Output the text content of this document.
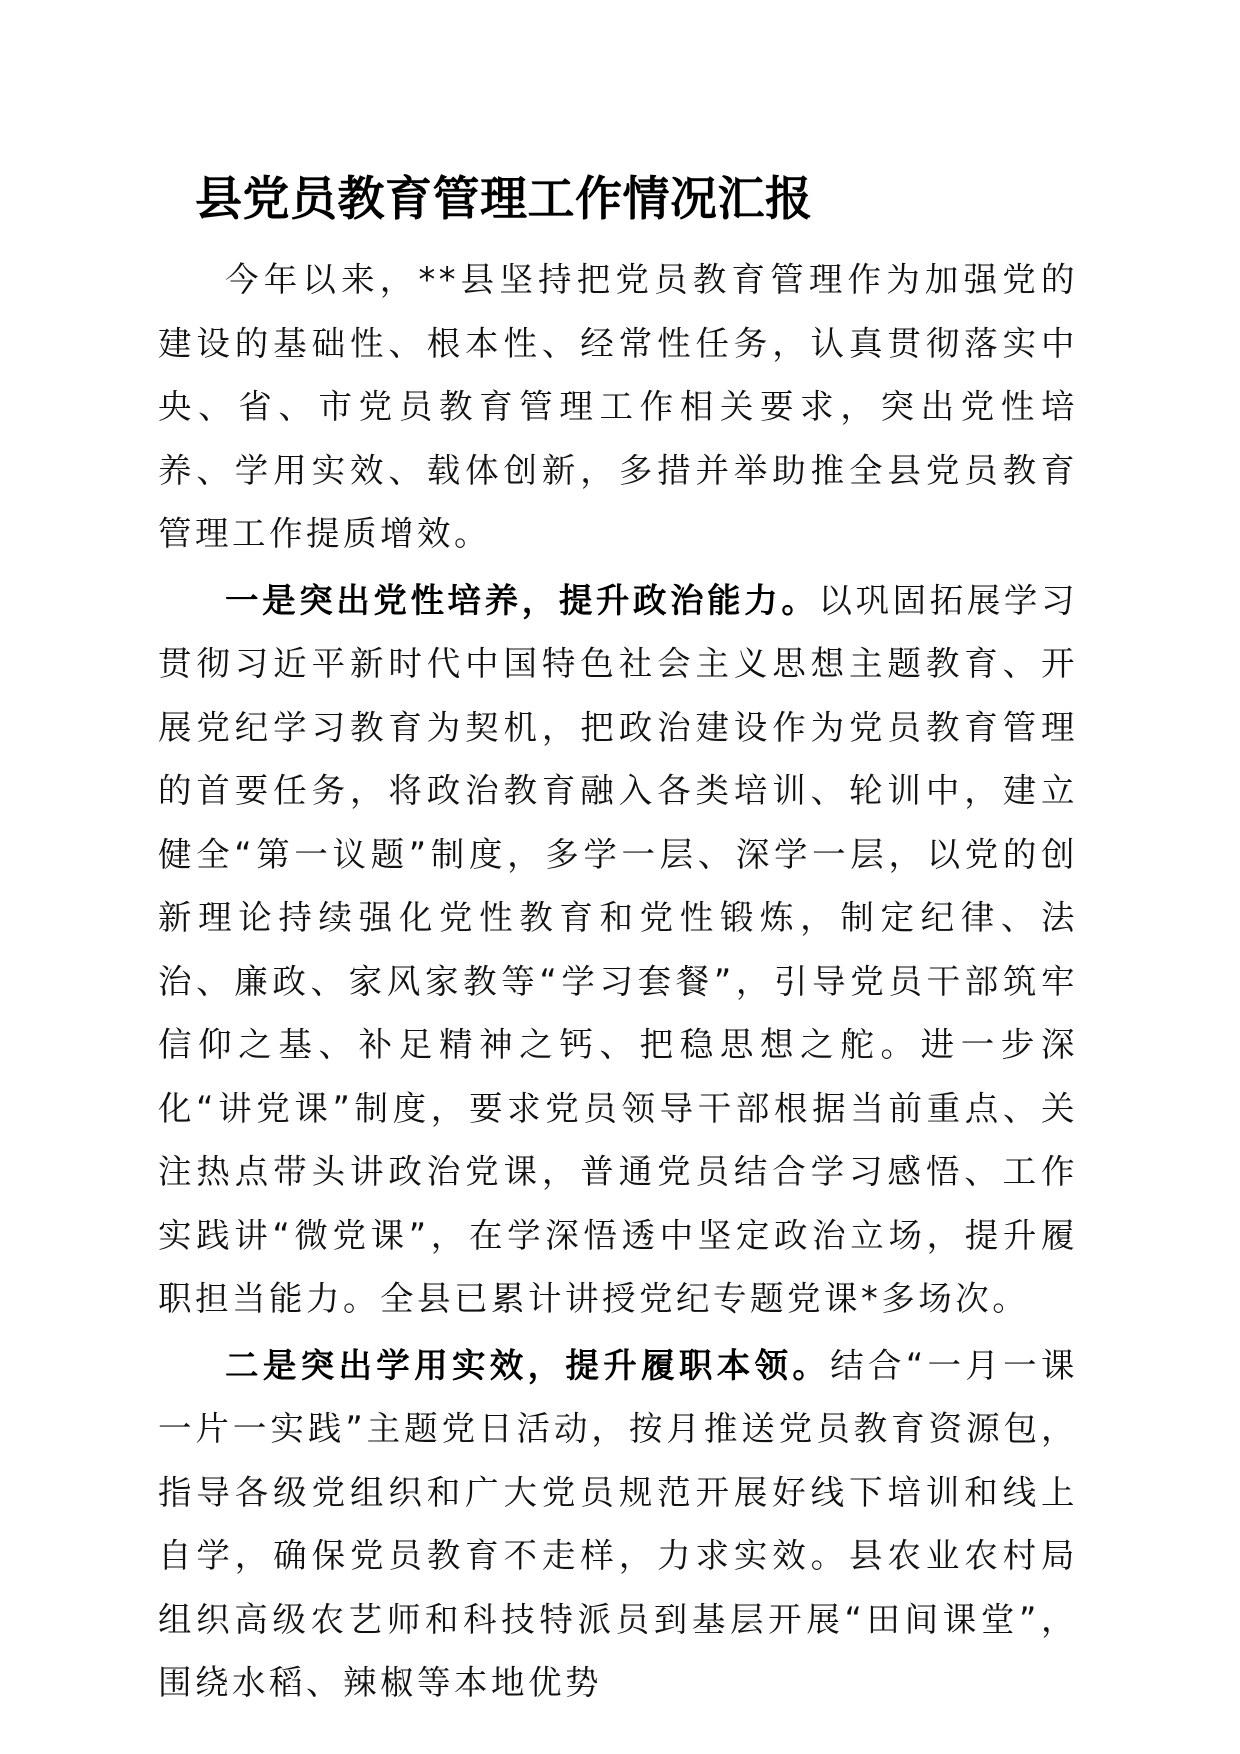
县党员教育管理工作情况汇报

今年以来，**县坚持把党员教育管理作为加强党的建设的基础性、根本性、经常性任务，认真贯彻落实中央、省、市党员教育管理工作相关要求，突出党性培养、学用实效、载体创新，多措并举助推全县党员教育管理工作提质增效。

一是突出党性培养，提升政治能力。以巩固拓展学习贯彻习近平新时代中国特色社会主义思想主题教育、开展党纪学习教育为契机，把政治建设作为党员教育管理的首要任务，将政治教育融入各类培训、轮训中，建立健全“第一议题”制度，多学一层、深学一层，以党的创新理论持续强化党性教育和党性锻炼，制定纪律、法治、廉政、家风家教等“学习套餐”，引导党员干部筑牢信仰之基、补足精神之钙、把稳思想之舵。进一步深化“讲党课”制度，要求党员领导干部根据当前重点、关注热点带头讲政治党课，普通党员结合学习感悟、工作实践讲“微党课”，在学深悟透中坚定政治立场，提升履职担当能力。全县已累计讲授党纪专题党课*多场次。

二是突出学用实效，提升履职本领。结合“一月一课一片一实践”主题党日活动，按月推送党员教育资源包，指导各级党组织和广大党员规范开展好线下培训和线上自学，确保党员教育不走样，力求实效。县农业农村局组织高级农艺师和科技特派员到基层开展“田间课堂”，围绕水稻、辣椒等本地优势
